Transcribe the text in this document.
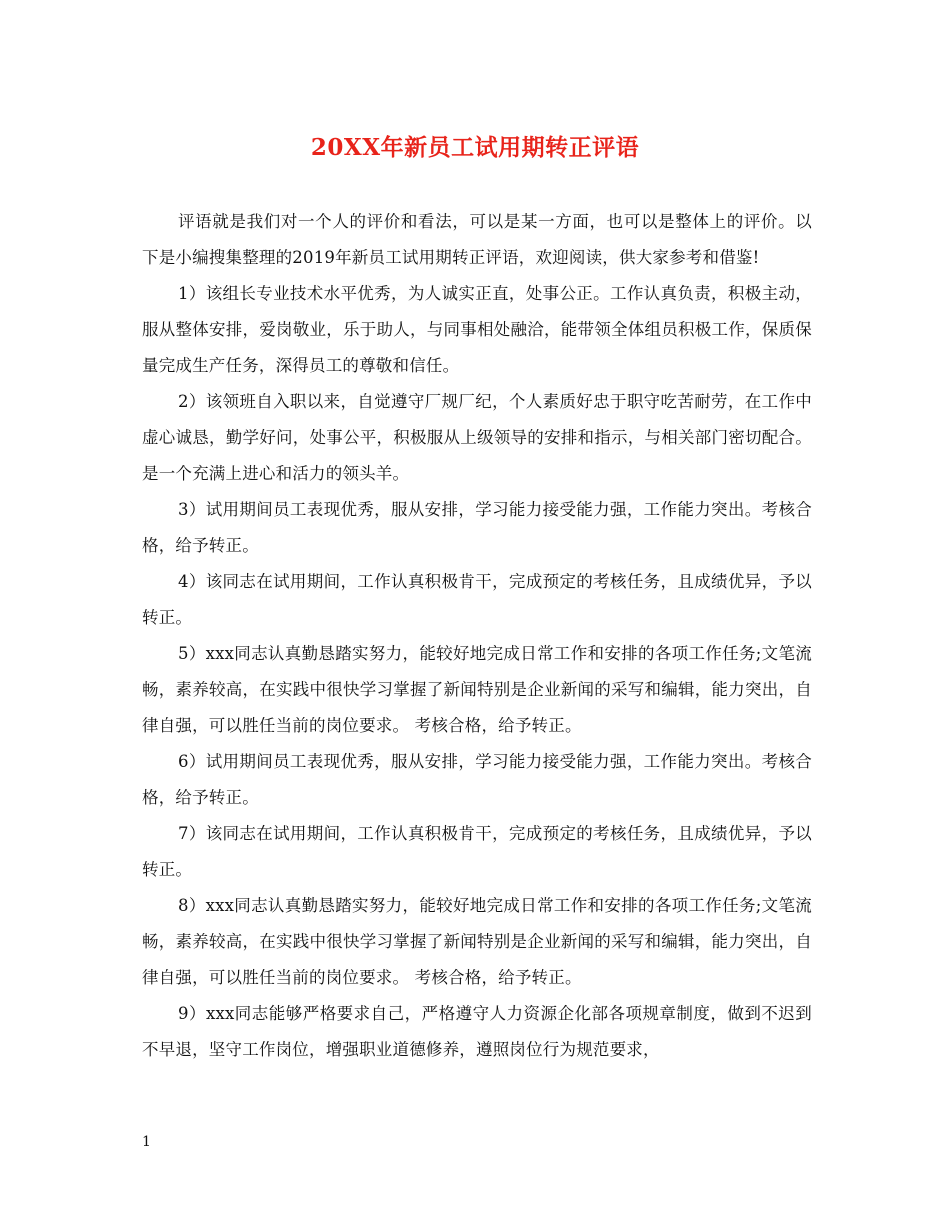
20XX年新员工试用期转正评语

评语就是我们对一个人的评价和看法，可以是某一方面，也可以是整体上的评价。以下是小编搜集整理的2019年新员工试用期转正评语，欢迎阅读，供大家参考和借鉴!

1）该组长专业技术水平优秀，为人诚实正直，处事公正。工作认真负责，积极主动，服从整体安排，爱岗敬业，乐于助人，与同事相处融洽，能带领全体组员积极工作，保质保量完成生产任务，深得员工的尊敬和信任。

2）该领班自入职以来，自觉遵守厂规厂纪，个人素质好忠于职守吃苦耐劳，在工作中虚心诚恳，勤学好问，处事公平，积极服从上级领导的安排和指示，与相关部门密切配合。是一个充满上进心和活力的领头羊。

3）试用期间员工表现优秀，服从安排，学习能力接受能力强，工作能力突出。考核合格，给予转正。

4）该同志在试用期间，工作认真积极肯干，完成预定的考核任务，且成绩优异，予以转正。

5）xxx同志认真勤恳踏实努力，能较好地完成日常工作和安排的各项工作任务;文笔流畅，素养较高，在实践中很快学习掌握了新闻特别是企业新闻的采写和编辑，能力突出，自律自强，可以胜任当前的岗位要求。 考核合格，给予转正。

6）试用期间员工表现优秀，服从安排，学习能力接受能力强，工作能力突出。考核合格，给予转正。

7）该同志在试用期间，工作认真积极肯干，完成预定的考核任务，且成绩优异，予以转正。

8）xxx同志认真勤恳踏实努力，能较好地完成日常工作和安排的各项工作任务;文笔流畅，素养较高，在实践中很快学习掌握了新闻特别是企业新闻的采写和编辑，能力突出，自律自强，可以胜任当前的岗位要求。 考核合格，给予转正。

9）xxx同志能够严格要求自己，严格遵守人力资源企化部各项规章制度，做到不迟到不早退，坚守工作岗位，增强职业道德修养，遵照岗位行为规范要求，

1
